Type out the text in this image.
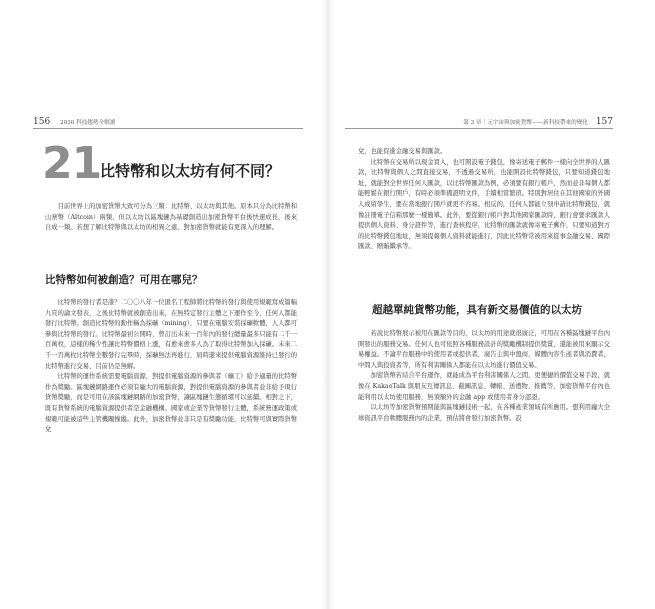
156 2030 科技趨勢全解讀	第 3 章｜元宇宙與加密貨幣——新科技帶來的變化 157
21
比特幣和以太坊有何不同？

目前世界上的加密貨幣大致可分為三類：比特幣、以太坊與其他。原本只分為比特幣和山寨幣（Altcoin）兩類，但以太坊以區塊鏈為基礎創造出加密貨幣平台後快速成長，後來自成一類。若想了解比特幣與以太坊的相異之處，對加密貨幣就能有更深入的理解。

比特幣如何被創造？可用在哪兒？

比特幣的發行者是誰？二〇〇八年一位匿名工程師將比特幣的發行與使用規範寫成篇幅九頁的論文發表，之後比特幣就被創造出來，在無特定發行主體之下運作至今，任何人都能發行比特幣。創造比特幣的動作稱為採礦（mining），只要在電腦安裝採礦軟體，人人都可參與比特幣的發行。比特幣最初公開時，曾訂出未來一百年內的發行總量最多只能有二千一百萬枚，這樣的稀少性讓比特幣價格上漲，有愈來愈多人為了取得比特幣加入採礦。未來二千一百萬枚比特幣全數發行完畢時，採礦無法再進行，屆時還來提供電腦資源維持已發行的比特幣進行交易，目前仍是無解。

比特幣的運作系統需要電腦資源，對提供電腦資源的參與者（礦工）給予適量的比特幣作為獎勵。區塊鏈網路運作必須有龐大的電腦資源，對提供電腦資源的參與者並非給予現行貨幣獎勵，而是可用在該區塊鏈網路的加密貨幣，讓區塊鏈生態循環可以延續。相對之下，既有貨幣系統的電腦資源提供者是金融機構、國家或企業等貨幣發行主體，系統營運政策或規範可能被這些主管機關操縱。此外，加密貨幣並非只是有獎勵功能，比特幣可與實際貨幣兌

兌，也能促進金融交易與匯款。

比特幣在交易所以現金買入，也可開設電子錢包，像寄送電子郵件一樣向全世界的人匯款，比特幣與個人之間直接交易，不透過交易所，也能開設比特幣錢包，只要知道錢包地址，就能對全世界任何人匯款，以比特幣匯款為例，必須要有銀行帳戶，然而並非每個人都能輕鬆在銀行開戶，有時必須準備證明文件，手續相當繁瑣。特別對居住在其他國家的外國人或留學生，要在當地銀行開戶就更不容易。相反的，任何人都能立刻申請比特幣錢包，就像註冊電子信箱那麼一樣簡單。此外，要從銀行帳戶對其他國家匯款時，銀行會要求匯款人提供個人資料、身分證件等，進行查核程序，比特幣的匯款就像寄電子郵件，只要知道對方的比特幣錢包地址，無須提報個人資料就能進行，因此比特幣常被用來從事金融交易、國際匯款、贈賄繼承等。

超越單純貨幣功能，具有新交易價值的以太坊

若說比特幣展示被用在匯款等目的，以太坊的用途就很廣泛，可用在各種區塊鏈平台內開發出的服務交易。任何人也可依照各種服務設計的獎勵機制提供獎賞，還能被用來顯示交易權益。不論平台服務中的使用者或提供者，廣告主與中盤商，媒體內容生產者與消費者，中間人與投資者等，所有利害關係人都能在以太坊進行價值交易。

加密貨幣若結合平台運作，就能成為平台利害關係人之間，更便捷的價值交易手段，就像在 KakaoTalk 與朋友互傳訊息、截圖訊息、轉帳、送禮物、推薦等，加密貨幣平台內也能利用以太坊使用服務，無須額外的金融 app 或使用者身分認證。

以太坊等加密貨幣預期能與區塊鏈技術一起，在各種產業領域有所應用。想利用龐大全球資訊平台軟體服務內的企業，預估將會發行加密貨幣。設
